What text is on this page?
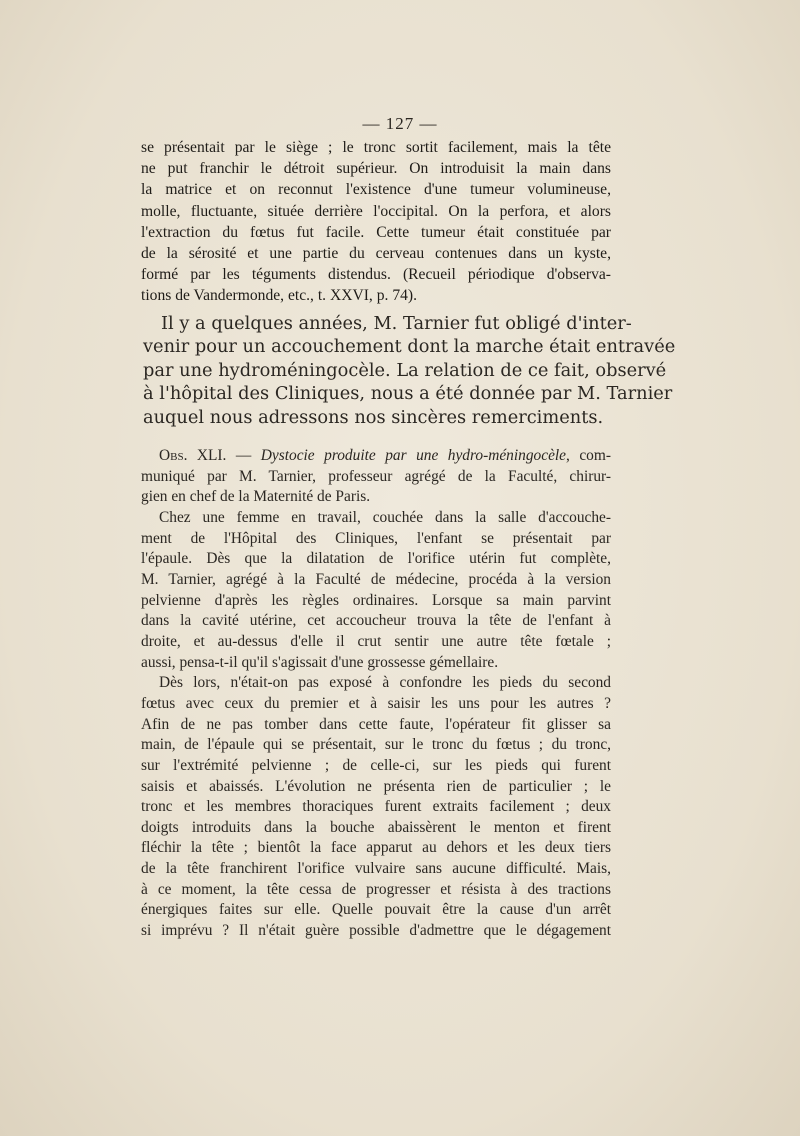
— 127 —
se présentait par le siège ; le tronc sortit facilement, mais la tête
ne put franchir le détroit supérieur. On introduisit la main dans
la matrice et on reconnut l'existence d'une tumeur volumineuse,
molle, fluctuante, située derrière l'occipital. On la perfora, et alors
l'extraction du fœtus fut facile. Cette tumeur était constituée par
de la sérosité et une partie du cerveau contenues dans un kyste,
formé par les téguments distendus. (Recueil périodique d'observa-
tions de Vandermonde, etc., t. XXVI, p. 74).
Il y a quelques années, M. Tarnier fut obligé d'inter-
venir pour un accouchement dont la marche était entravée
par une hydroméningocèle. La relation de ce fait, observé
à l'hôpital des Cliniques, nous a été donnée par M. Tarnier
auquel nous adressons nos sincères remerciments.
Obs. XLI. — Dystocie produite par une hydro-méningocèle, com-
muniqué par M. Tarnier, professeur agrégé de la Faculté, chirur-
gien en chef de la Maternité de Paris.
Chez une femme en travail, couchée dans la salle d'accouche-
ment de l'Hôpital des Cliniques, l'enfant se présentait par
l'épaule. Dès que la dilatation de l'orifice utérin fut complète,
M. Tarnier, agrégé à la Faculté de médecine, procéda à la version
pelvienne d'après les règles ordinaires. Lorsque sa main parvint
dans la cavité utérine, cet accoucheur trouva la tête de l'enfant à
droite, et au-dessus d'elle il crut sentir une autre tête fœtale ;
aussi, pensa-t-il qu'il s'agissait d'une grossesse gémellaire.
Dès lors, n'était-on pas exposé à confondre les pieds du second
fœtus avec ceux du premier et à saisir les uns pour les autres ?
Afin de ne pas tomber dans cette faute, l'opérateur fit glisser sa
main, de l'épaule qui se présentait, sur le tronc du fœtus ; du tronc,
sur l'extrémité pelvienne ; de celle-ci, sur les pieds qui furent
saisis et abaissés. L'évolution ne présenta rien de particulier ; le
tronc et les membres thoraciques furent extraits facilement ; deux
doigts introduits dans la bouche abaissèrent le menton et firent
fléchir la tête ; bientôt la face apparut au dehors et les deux tiers
de la tête franchirent l'orifice vulvaire sans aucune difficulté. Mais,
à ce moment, la tête cessa de progresser et résista à des tractions
énergiques faites sur elle. Quelle pouvait être la cause d'un arrêt
si imprévu ? Il n'était guère possible d'admettre que le dégagement
